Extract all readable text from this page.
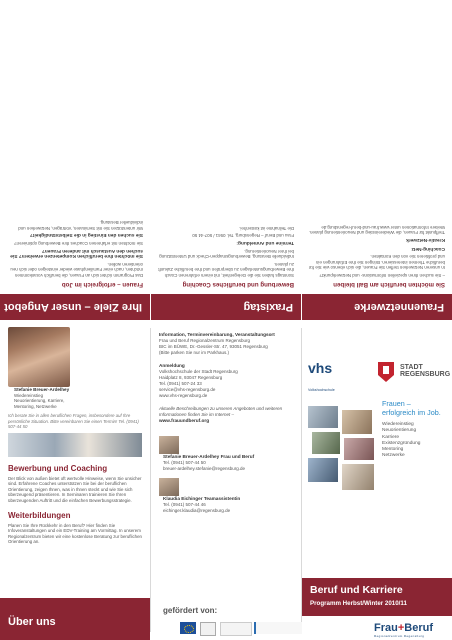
Ihre Ziele – unser Angebot
Frauen – erfolgreich im Job

Das Programm richtet sich an Frauen, die beruflich vorankommen möchten, nach einer Familienphase wieder einsteigen oder sich neu orientieren wollen.

Sie möchten Ihre beruflichen Kompetenzen erweitern? Sie suchen den Austausch mit anderen Frauen?

Sie möchten mit erfahrenen Coaches Ihre Bewerbung optimieren?

Sie suchen den Einstieg in die Selbstständigkeit?

Wir unterstützen Sie mit Seminaren, Vorträgen, Netzwerken und individueller Beratung.

Praxistag
Bewerbung und berufliches Coaching

Sonntags haben Sie die Gelegenheit, mit einem erfahrenen Coach Ihre Bewerbungsunterlagen zu überprüfen und Ihre berufliche Zukunft zu planen.

Individuelle Beratung, Bewerbungsmappen-Check und Unterstützung bei Ihrer Neuorientierung.

Termine und Anmeldung:

Frau und Beruf – Regensburg, Tel. 0941 / 507-44 50

Die Teilnahme ist kostenfrei.

Frauennetzwerke
Sie möchten beruflich am Ball bleiben

– Sie suchen Ihren speziellen Informations- und Netzwerkpunkt?

In unseren Netzwerken treffen Sie Frauen, die sich ebenso wie Sie für berufliche Themen interessieren. Bringen Sie Ihre Erfahrungen ein und profitieren Sie von den Kontakten.

Coaching-Netz
Kreativ-Netzwerk

Treffpunkt für Frauen, die Wiedereinstieg und Neuorientierung planen. Weitere Informationen unter www.frau-und-beruf-regensburg.de

Stefanie Breuer-Ardelhey
Wiedereinstieg
Neuorientierung, Karriere,
Mentoring, Netzwerke
Ich berate Sie in allen beruflichen Fragen, insbesondere auf Ihre persönliche Situation. Bitte vereinbaren Sie einen Termin! Tel. (0941) 507-44 50
Bewerbung und Coaching

Der Blick von außen bietet oft wertvolle Hinweise, wenn Sie unsicher sind. Erfahrene Coaches unterstützen Sie bei der beruflichen Orientierung, zeigen Ihnen, was in Ihnen steckt und wie Sie sich überzeugend präsentieren. In Seminaren trainieren Sie Ihren überzeugenden Auftritt und die einfachen Bewerbungsstrategie.

Weiterbildungen

Planen Sie Ihre Rückkehr in den Beruf? Hier finden Sie Infoveranstaltungen und ein EDV-Training am Vormittag. In unserem Regionalzentrum bieten wir eine kostenlose Beratung zur beruflichen Orientierung an.

Über uns

Information, Terminvereinbarung, Veranstaltungsort

Frau und Beruf Regionalzentrum Regensburg

BIC im BÜWE, Dr.-Gessler-Str. 47, 93051 Regensburg

(Bitte parken Sie nur im Parkhaus.)

Anmeldung

Volkshochschule der Stadt Regensburg

Haidplatz 8, 93047 Regensburg

Tel. (0941) 507-24 33

service@vhs-regensburg.de

www.vhs-regensburg.de

Aktuelle Beschreibungen zu unseren Angeboten und weiteren Informationen finden Sie im Internet –

www.frauundberuf.org

Stefanie Breuer-Ardelhey Frau und Beruf

Tel. (0941) 507-44 50

breuer-ardelhey.stefanie@regensburg.de

Klaudia Eichinger Teamassistentin

Tel. (0941) 507-44 46

eichinger.klaudia@regensburg.de

gefördert von:
vhs
Volkshochschule
STADT
REGENSBURG
Frauen –
erfolgreich im Job.
Wiedereinstieg
Neuorientierung
Karriere
Existenzgründung
Mentoring
Netzwerke
Beruf und Karriere
Programm Herbst/Winter 2010/11
Frau+Beruf
Regionalzentrum Regensburg
